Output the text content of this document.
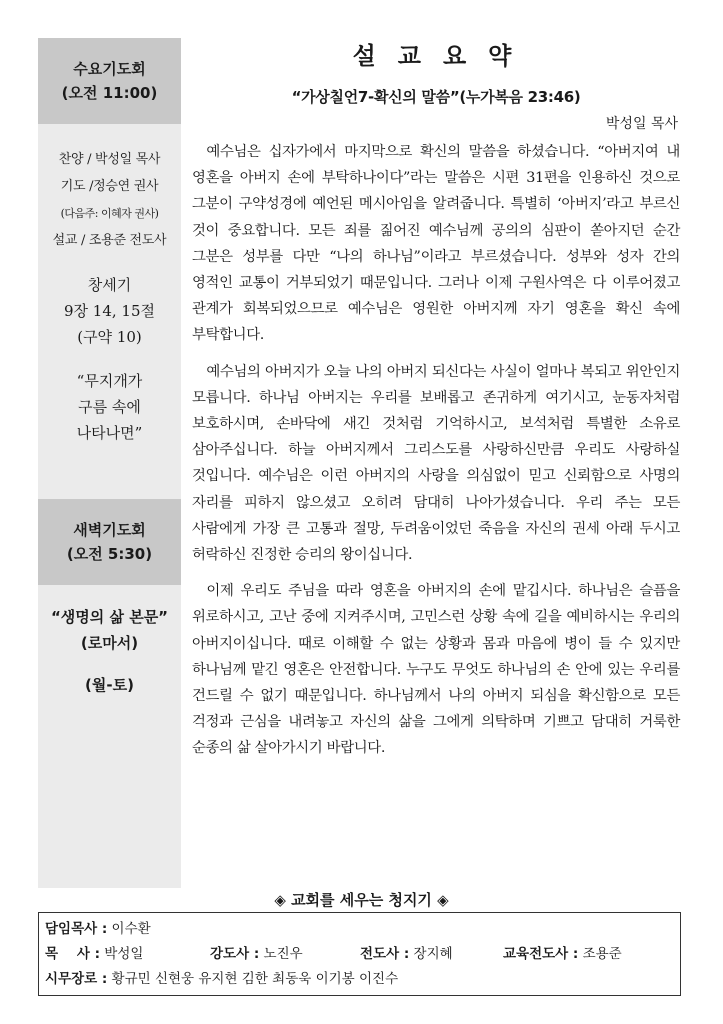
수요기도회
(오전 11:00)
찬양 / 박성일 목사
기도 /정승연 권사
(다음주: 이혜자 권사)
설교 / 조용준 전도사
창세기
9장 14, 15절
(구약 10)
“무지개가
구름 속에
나타나면”
새벽기도회
(오전 5:30)
“생명의 삶 본문”
(로마서)
(월-토)
설교요약
“가상칠언7-확신의 말씀”(누가복음 23:46)
박성일 목사

예수님은 십자가에서 마지막으로 확신의 말씀을 하셨습니다. “아버지여 내 영혼을 아버지 손에 부탁하나이다”라는 말씀은 시편 31편을 인용하신 것으로 그분이 구약성경에 예언된 메시아임을 알려줍니다. 특별히 ‘아버지’라고 부르신 것이 중요합니다. 모든 죄를 짊어진 예수님께 공의의 심판이 쏟아지던 순간 그분은 성부를 다만 “나의 하나님”이라고 부르셨습니다. 성부와 성자 간의 영적인 교통이 거부되었기 때문입니다. 그러나 이제 구원사역은 다 이루어졌고 관계가 회복되었으므로 예수님은 영원한 아버지께 자기 영혼을 확신 속에 부탁합니다.

예수님의 아버지가 오늘 나의 아버지 되신다는 사실이 얼마나 복되고 위안인지 모릅니다. 하나님 아버지는 우리를 보배롭고 존귀하게 여기시고, 눈동자처럼 보호하시며, 손바닥에 새긴 것처럼 기억하시고, 보석처럼 특별한 소유로 삼아주십니다. 하늘 아버지께서 그리스도를 사랑하신만큼 우리도 사랑하실 것입니다. 예수님은 이런 아버지의 사랑을 의심없이 믿고 신뢰함으로 사명의 자리를 피하지 않으셨고 오히려 담대히 나아가셨습니다. 우리 주는 모든 사람에게 가장 큰 고통과 절망, 두려움이었던 죽음을 자신의 권세 아래 두시고 허락하신 진정한 승리의 왕이십니다.

이제 우리도 주님을 따라 영혼을 아버지의 손에 맡깁시다. 하나님은 슬픔을 위로하시고, 고난 중에 지켜주시며, 고민스런 상황 속에 길을 예비하시는 우리의 아버지이십니다. 때로 이해할 수 없는 상황과 몸과 마음에 병이 들 수 있지만 하나님께 맡긴 영혼은 안전합니다. 누구도 무엇도 하나님의 손 안에 있는 우리를 건드릴 수 없기 때문입니다. 하나님께서 나의 아버지 되심을 확신함으로 모든 걱정과 근심을 내려놓고 자신의 삶을 그에게 의탁하며 기쁘고 담대히 거룩한 순종의 삶 살아가시기 바랍니다.

◈ 교회를 세우는 청지기 ◈
담임목사 : 이수환
목    사 : 박성일	강도사 : 노진우	전도사 : 장지혜	교육전도사 : 조용준
시무장로 : 황규민 신현웅 유지현 김한 최동욱 이기봉 이진수
